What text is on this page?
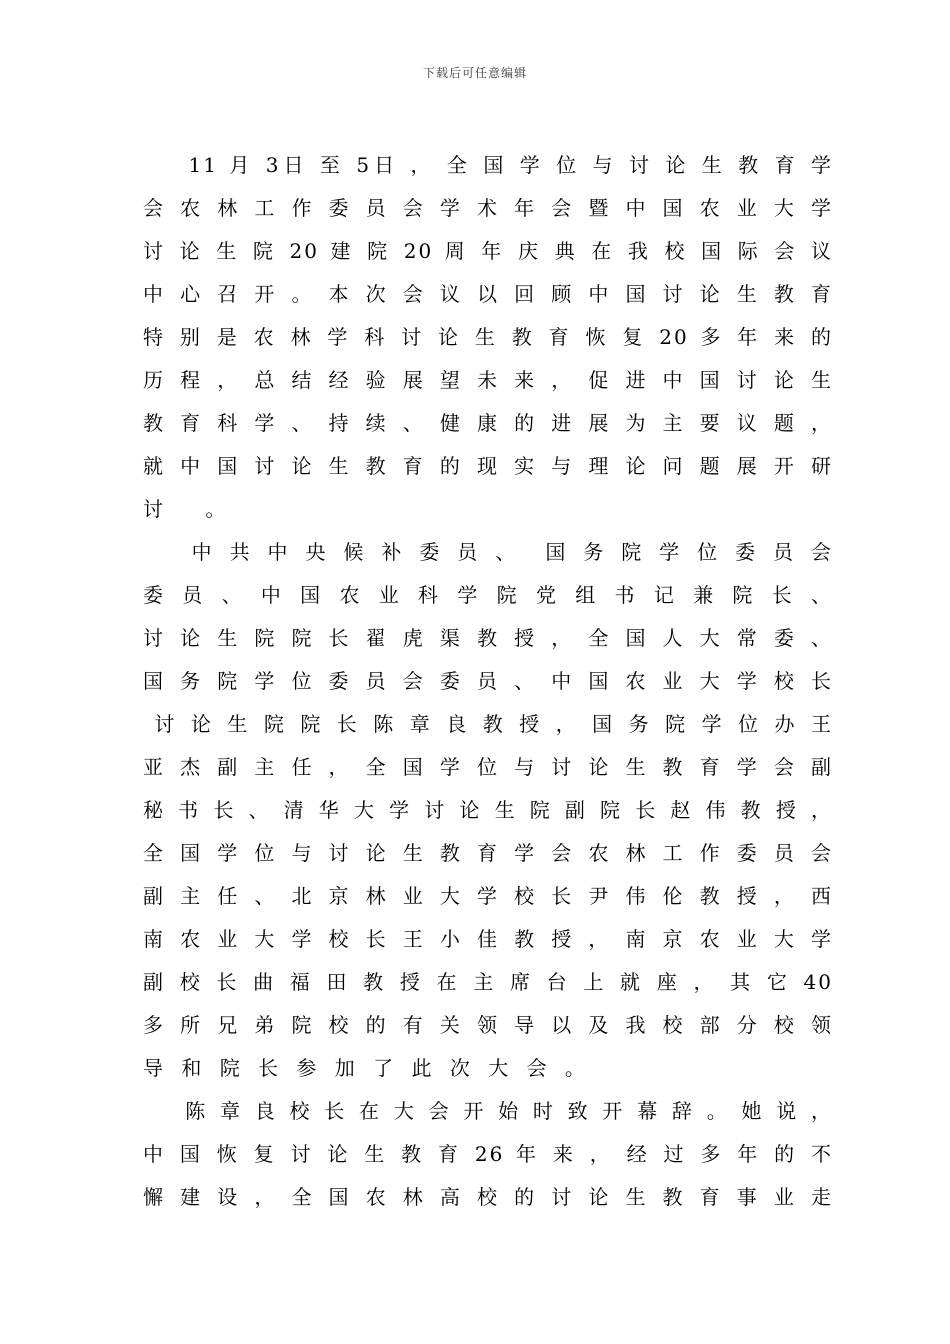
下载后可任意编辑
11 月 3日 至 5日 ， 全 国 学 位 与 讨 论 生 教 育 学
会 农 林 工 作 委 员 会 学 术 年 会 暨 中 国 农 业 大 学
讨 论 生 院 20 建 院 20 周 年 庆 典 在 我 校 国 际 会 议
中 心 召 开 。 本 次 会 议 以 回 顾 中 国 讨 论 生 教 育
特 别 是 农 林 学 科 讨 论 生 教 育 恢 复 20 多 年 来 的
历 程 ， 总 结 经 验 展 望 未 来 ， 促 进 中 国 讨 论 生
教 育 科 学 、 持 续 、 健 康 的 进 展 为 主 要 议 题 ，
就 中 国 讨 论 生 教 育 的 现 实 与 理 论 问 题 展 开 研
讨 。
中 共 中 央 候 补 委 员 、  国 务 院 学 位 委 员 会
委 员 、 中 国 农 业 科 学 院 党 组 书 记 兼 院 长 、
讨 论 生 院 院 长 翟 虎 渠 教 授 ， 全 国 人 大 常 委 、
国 务 院 学 位 委 员 会 委 员 、 中 国 农 业 大 学 校 长
讨 论 生 院 院 长 陈 章 良 教 授 ， 国 务 院 学 位 办 王
亚 杰 副 主 任 ， 全 国 学 位 与 讨 论 生 教 育 学 会 副
秘 书 长 、 清 华 大 学 讨 论 生 院 副 院 长 赵 伟 教 授 ，
全 国 学 位 与 讨 论 生 教 育 学 会 农 林 工 作 委 员 会
副 主 任 、 北 京 林 业 大 学 校 长 尹 伟 伦 教 授 ， 西
南 农 业 大 学 校 长 王 小 佳 教 授 ， 南 京 农 业 大 学
副 校 长 曲 福 田 教 授 在 主 席 台 上 就 座 ， 其 它 40
多 所 兄 弟 院 校 的 有 关 领 导 以 及 我 校 部 分 校 领
导 和 院 长 参 加 了 此 次 大 会 。
陈 章 良 校 长 在 大 会 开 始 时 致 开 幕 辞 。 她 说 ，
中 国 恢 复 讨 论 生 教 育 26 年 来 ， 经 过 多 年 的 不
懈 建 设 ， 全 国 农 林 高 校 的 讨 论 生 教 育 事 业 走
